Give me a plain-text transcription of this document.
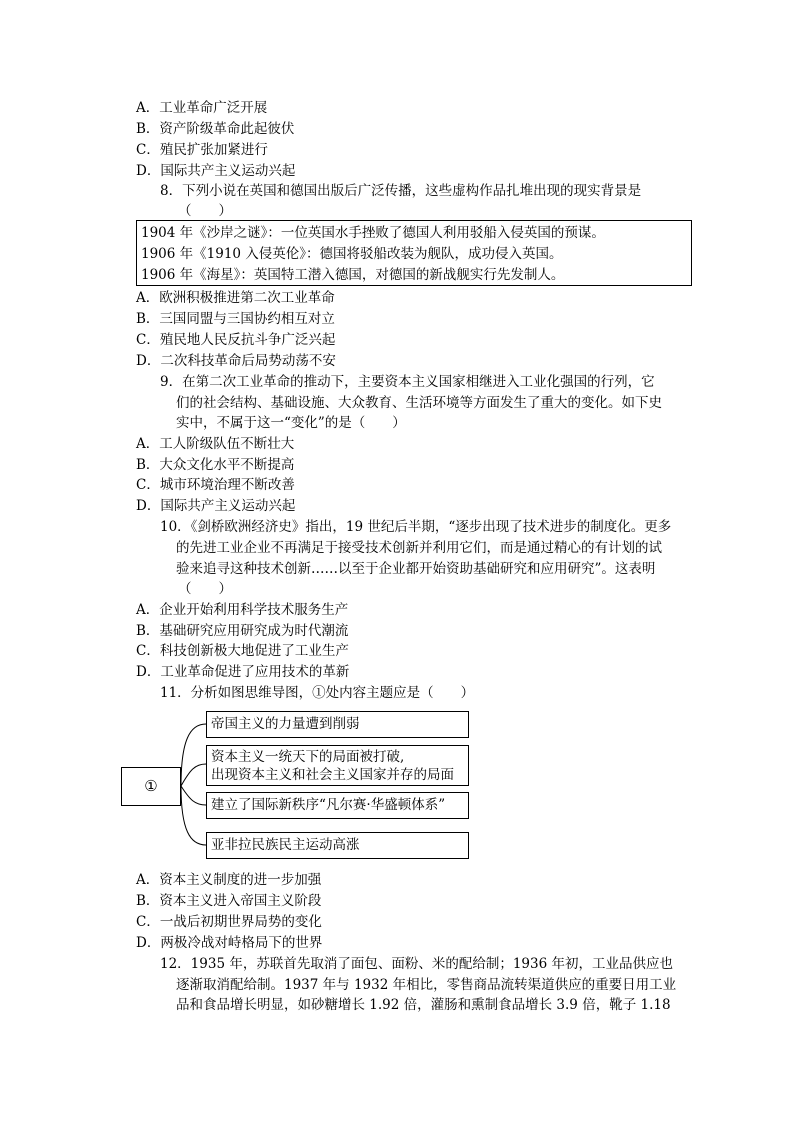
A．工业革命广泛开展
B．资产阶级革命此起彼伏
C．殖民扩张加紧进行
D．国际共产主义运动兴起
8．下列小说在英国和德国出版后广泛传播，这些虚构作品扎堆出现的现实背景是
（　　）
1904 年《沙岸之谜》：一位英国水手挫败了德国人利用驳船入侵英国的预谋。
1906 年《1910 入侵英伦》：德国将驳船改装为舰队，成功侵入英国。
1906 年《海星》：英国特工潜入德国，对德国的新战舰实行先发制人。
A．欧洲积极推进第二次工业革命
B．三国同盟与三国协约相互对立
C．殖民地人民反抗斗争广泛兴起
D．二次科技革命后局势动荡不安
9．在第二次工业革命的推动下，主要资本主义国家相继进入工业化强国的行列，它
们的社会结构、基础设施、大众教育、生活环境等方面发生了重大的变化。如下史
实中，不属于这一“变化”的是（　　）
A．工人阶级队伍不断壮大
B．大众文化水平不断提高
C．城市环境治理不断改善
D．国际共产主义运动兴起
10．《剑桥欧洲经济史》指出，19 世纪后半期，“逐步出现了技术进步的制度化。更多
的先进工业企业不再满足于接受技术创新并利用它们，而是通过精心的有计划的试
验来追寻这种技术创新……以至于企业都开始资助基础研究和应用研究”。这表明
（　　）
A．企业开始利用科学技术服务生产
B．基础研究应用研究成为时代潮流
C．科技创新极大地促进了工业生产
D．工业革命促进了应用技术的革新
11．分析如图思维导图，①处内容主题应是（　　）
①
帝国主义的力量遭到削弱
资本主义一统天下的局面被打破,
出现资本主义和社会主义国家并存的局面
建立了国际新秩序“凡尔赛·华盛顿体系”
亚非拉民族民主运动高涨
A．资本主义制度的进一步加强
B．资本主义进入帝国主义阶段
C．一战后初期世界局势的变化
D．两极冷战对峙格局下的世界
12．1935 年，苏联首先取消了面包、面粉、米的配给制；1936 年初，工业品供应也
逐渐取消配给制。1937 年与 1932 年相比，零售商品流转渠道供应的重要日用工业
品和食品增长明显，如砂糖增长 1.92 倍，灌肠和熏制食品增长 3.9 倍，靴子 1.18
